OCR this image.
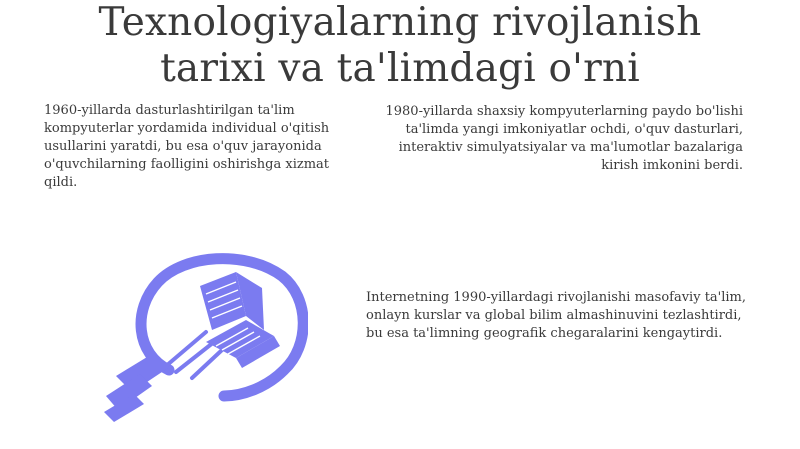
Texnologiyalarning rivojlanish
tarixi va ta'limdagi o'rni
1960-yillarda dasturlashtirilgan ta'lim kompyuterlar yordamida individual o'qitish usullarini yaratdi, bu esa o'quv jarayonida o'quvchilarning faolligini oshirishga xizmat qildi.
1980-yillarda shaxsiy kompyuterlarning paydo bo'lishi ta'limda yangi imkoniyatlar ochdi, o'quv dasturlari, interaktiv simulyatsiyalar va ma'lumotlar bazalariga kirish imkonini berdi.
Internetning 1990-yillardagi rivojlanishi masofaviy ta'lim, onlayn kurslar va global bilim almashinuvini tezlashtirdi, bu esa ta'limning geografik chegaralarini kengaytirdi.
